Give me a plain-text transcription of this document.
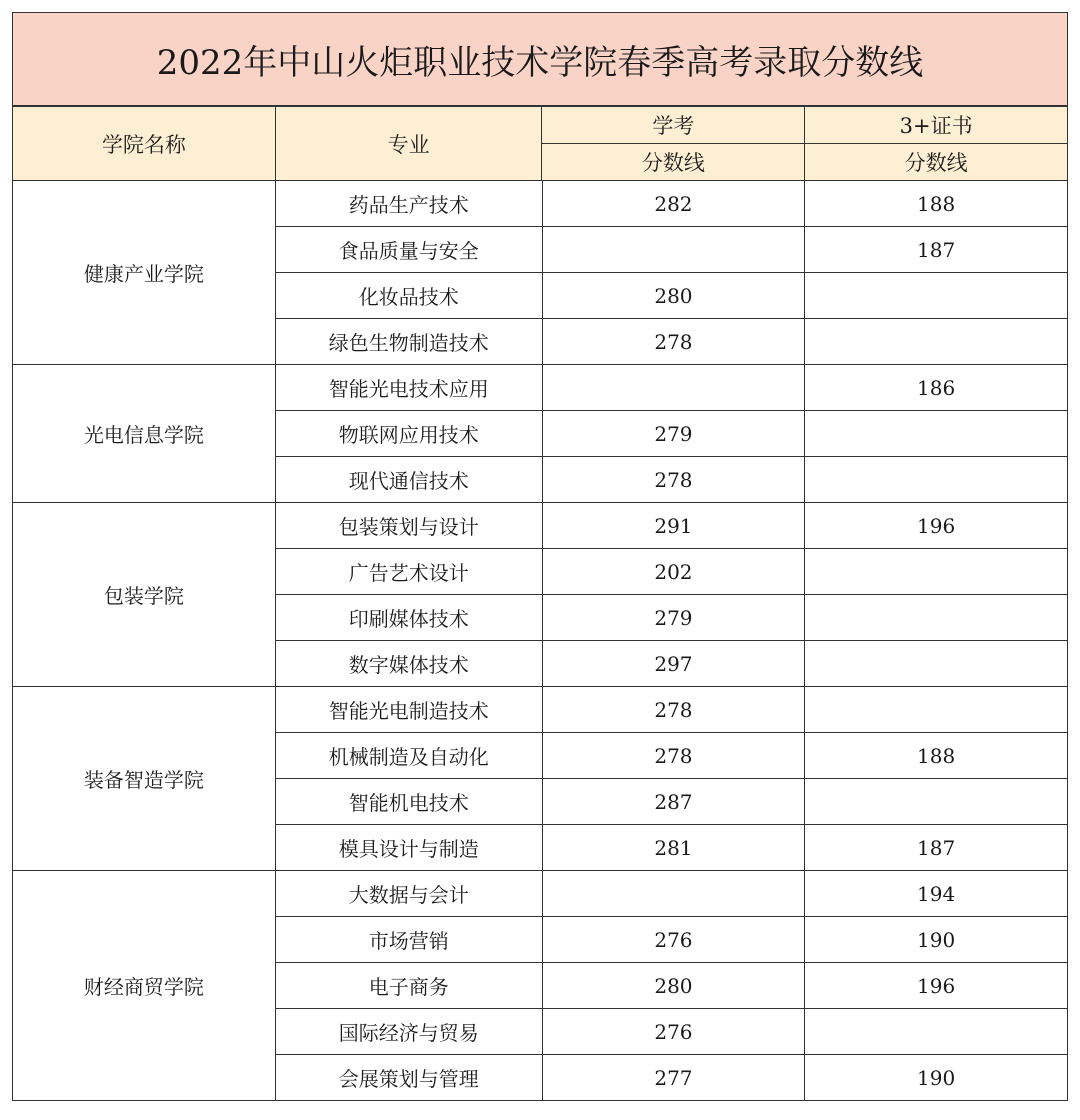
2022年中山火炬职业技术学院春季高考录取分数线
学院名称	专业	学考	3+证书
		分数线	分数线
健康产业学院	药品生产技术	282	188
	食品质量与安全		187
	化妆品技术	280	
	绿色生物制造技术	278	
光电信息学院	智能光电技术应用		186
	物联网应用技术	279	
	现代通信技术	278	
包装学院	包装策划与设计	291	196
	广告艺术设计	202	
	印刷媒体技术	279	
	数字媒体技术	297	
装备智造学院	智能光电制造技术	278	
	机械制造及自动化	278	188
	智能机电技术	287	
	模具设计与制造	281	187
财经商贸学院	大数据与会计		194
	市场营销	276	190
	电子商务	280	196
	国际经济与贸易	276	
	会展策划与管理	277	190
